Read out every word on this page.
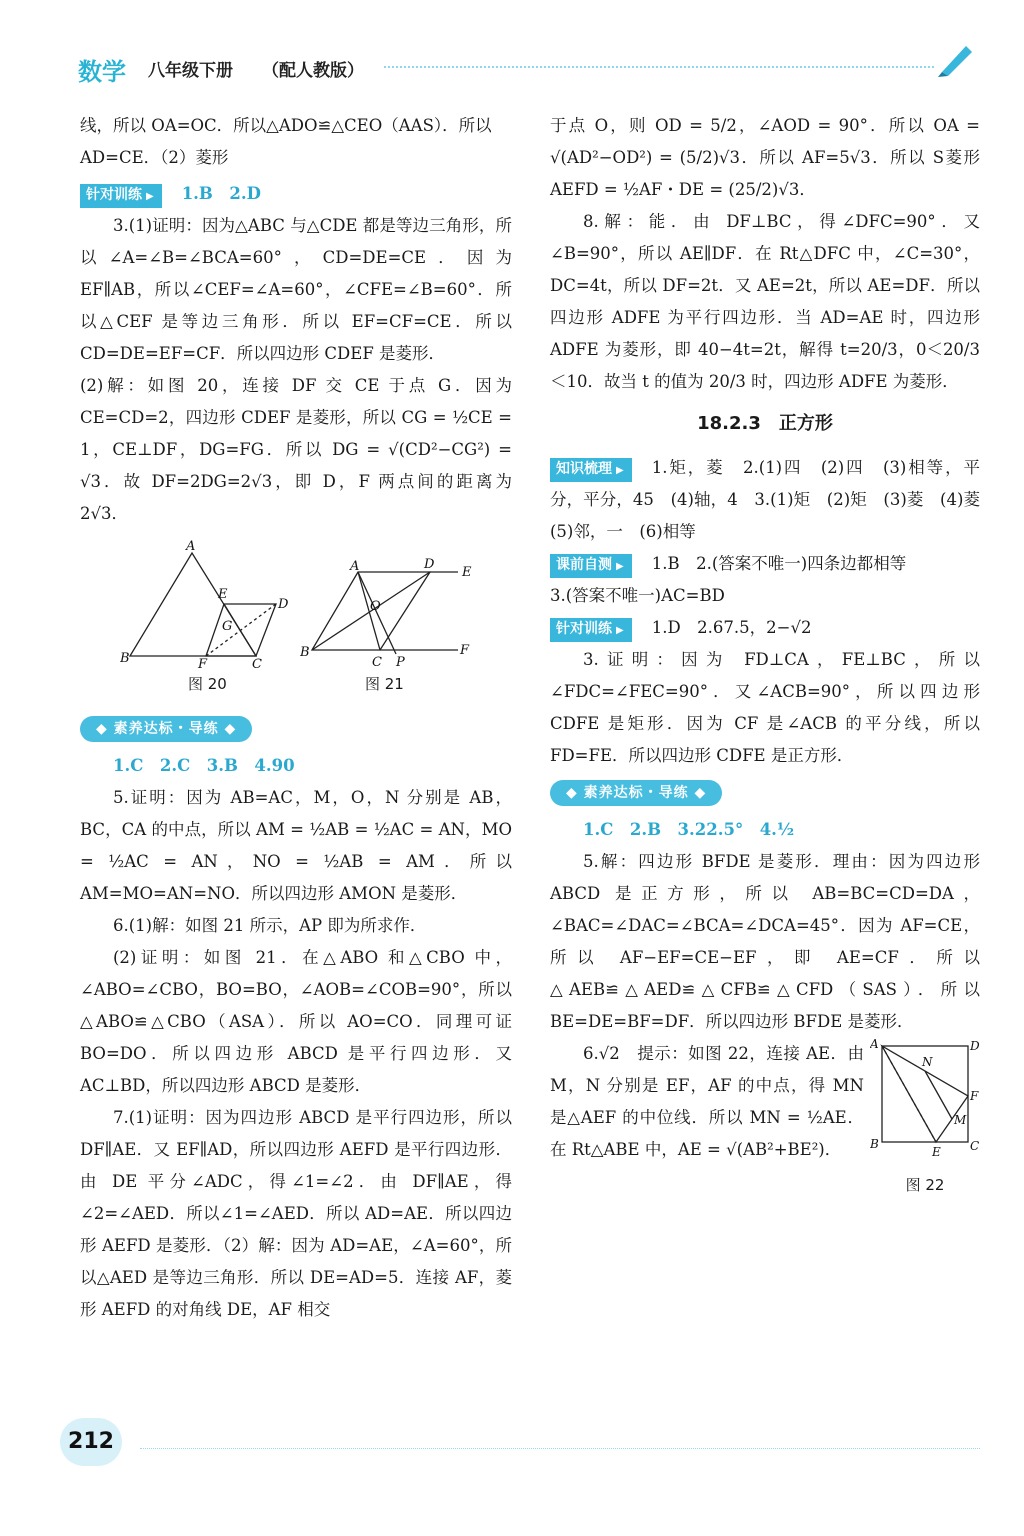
数学 八年级下册 （配人教版）

线，所以 OA=OC．所以△ADO≌△CEO（AAS）．所以

AD=CE．（2）菱形

针对训练 ▶ 1.B　2.D

3.(1)证明：因为△ABC 与△CDE 都是等边三角形，所以∠A=∠B=∠BCA=60°，CD=DE=CE．因为 EF∥AB，所以∠CEF=∠A=60°，∠CFE=∠B=60°．所以△CEF 是等边三角形．所以 EF=CF=CE．所以 CD=DE=EF=CF．所以四边形 CDEF 是菱形．

(2)解：如图 20，连接 DF 交 CE 于点 G．因为 CE=CD=2，四边形 CDEF 是菱形，所以 CG = ½CE = 1，CE⊥DF，DG=FG．所以 DG = √(CD²−CG²) = √3．故 DF=2DG=2√3，即 D，F 两点间的距离为 2√3．

A
B	C
D
E
F
G
图 20
A
B
C
D
E
F
O
P
图 21
◆ 素养达标・导练 ◆

1.C　2.C　3.B　4.90

5.证明：因为 AB=AC，M，O，N 分别是 AB，BC，CA 的中点，所以 AM = ½AB = ½AC = AN，MO = ½AC = AN，NO = ½AB = AM．所以 AM=MO=AN=NO．所以四边形 AMON 是菱形．

6.(1)解：如图 21 所示，AP 即为所求作．

(2)证明：如图 21．在△ABO 和△CBO 中，∠ABO=∠CBO，BO=BO，∠AOB=∠COB=90°，所以△ABO≌△CBO（ASA）．所以 AO=CO．同理可证 BO=DO．所以四边形 ABCD 是平行四边形．又 AC⊥BD，所以四边形 ABCD 是菱形．

7.(1)证明：因为四边形 ABCD 是平行四边形，所以 DF∥AE．又 EF∥AD，所以四边形 AEFD 是平行四边形．由 DE 平分∠ADC，得∠1=∠2．由 DF∥AE，得∠2=∠AED．所以∠1=∠AED．所以 AD=AE．所以四边形 AEFD 是菱形．（2）解：因为 AD=AE，∠A=60°，所以△AED 是等边三角形．所以 DE=AD=5．连接 AF，菱形 AEFD 的对角线 DE，AF 相交

于点 O，则 OD = 5/2，∠AOD = 90°．所以 OA = √(AD²−OD²) = (5/2)√3．所以 AF=5√3．所以 S菱形AEFD = ½AF・DE = (25/2)√3．

8.解：能．由 DF⊥BC，得∠DFC=90°．又∠B=90°，所以 AE∥DF．在 Rt△DFC 中，∠C=30°，DC=4t，所以 DF=2t．又 AE=2t，所以 AE=DF．所以四边形 ADFE 为平行四边形．当 AD=AE 时，四边形 ADFE 为菱形，即 40−4t=2t，解得 t=20/3，0＜20/3＜10．故当 t 的值为 20/3 时，四边形 ADFE 为菱形．

18.2.3　正方形

知识梳理 ▶ 1.矩，菱　2.(1)四　(2)四　(3)相等，平分，平分，45　(4)轴，4　3.(1)矩　(2)矩　(3)菱　(4)菱　(5)邻，一　(6)相等

课前自测 ▶ 1.B　2.(答案不唯一)四条边都相等

3.(答案不唯一)AC=BD

针对训练 ▶ 1.D　2.67.5，2−√2

3.证明：因为 FD⊥CA，FE⊥BC，所以∠FDC=∠FEC=90°．又∠ACB=90°，所以四边形 CDFE 是矩形．因为 CF 是∠ACB 的平分线，所以 FD=FE．所以四边形 CDFE 是正方形．

◆ 素养达标・导练 ◆

1.C　2.B　3.22.5°　4.½

5.解：四边形 BFDE 是菱形．理由：因为四边形 ABCD 是正方形，所以 AB=BC=CD=DA，∠BAC=∠DAC=∠BCA=∠DCA=45°．因为 AF=CE，所以 AF−EF=CE−EF，即 AE=CF．所以△AEB≌△AED≌△CFB≌△CFD（SAS）．所以 BE=DE=BF=DF．所以四边形 BFDE 是菱形．

A
B	C
D
E
F
N
M
图 22

6.√2　提示：如图 22，连接 AE．由 M，N 分别是 EF，AF 的中点，得 MN 是△AEF 的中位线．所以 MN = ½AE．在 Rt△ABE 中，AE = √(AB²+BE²)．

212
